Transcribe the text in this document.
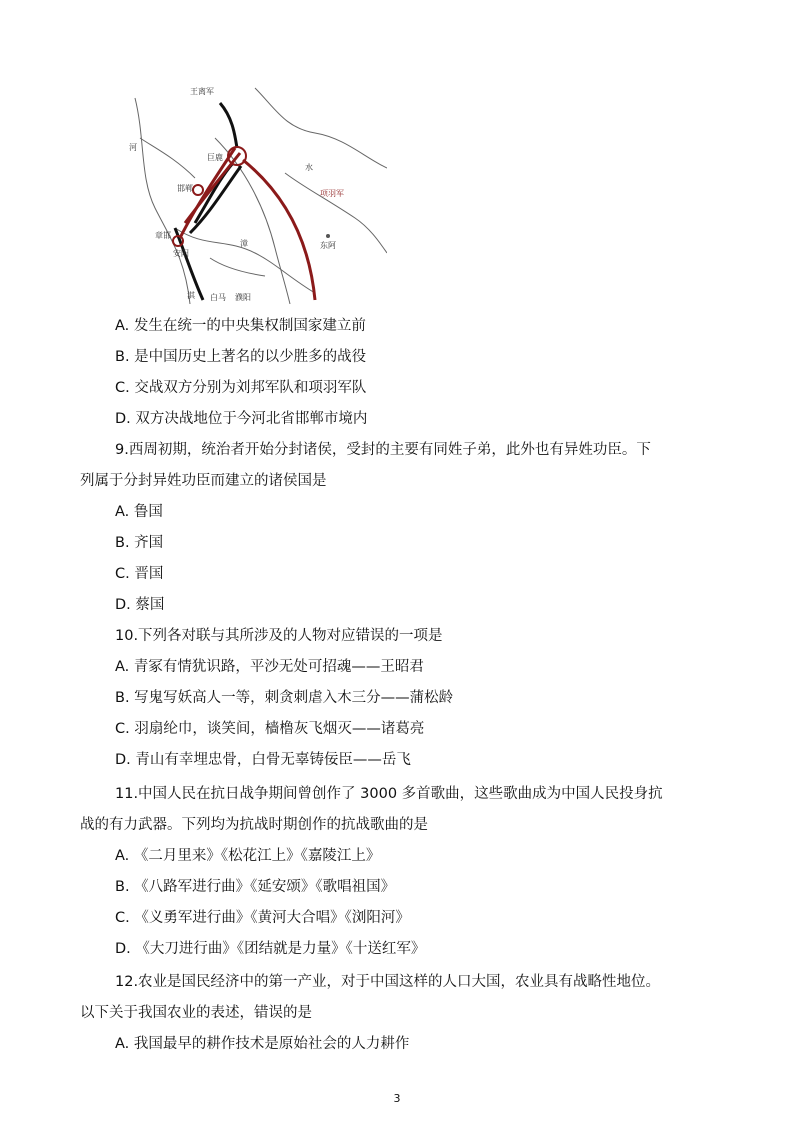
王离军
巨鹿
项羽军
邯郸
安阳
东阿
白马 濮阳
章邯
水
河
漳
淇
A. 发生在统一的中央集权制国家建立前
B. 是中国历史上著名的以少胜多的战役
C. 交战双方分别为刘邦军队和项羽军队
D. 双方决战地位于今河北省邯郸市境内
9.西周初期，统治者开始分封诸侯，受封的主要有同姓子弟，此外也有异姓功臣。下
列属于分封异姓功臣而建立的诸侯国是
A. 鲁国
B. 齐国
C. 晋国
D. 蔡国
10.下列各对联与其所涉及的人物对应错误的一项是
A. 青冢有情犹识路，平沙无处可招魂——王昭君
B. 写鬼写妖高人一等，刺贪刺虐入木三分——蒲松龄
C. 羽扇纶巾，谈笑间，樯橹灰飞烟灭——诸葛亮
D. 青山有幸埋忠骨，白骨无辜铸佞臣——岳飞
11.中国人民在抗日战争期间曾创作了 3000 多首歌曲，这些歌曲成为中国人民投身抗
战的有力武器。下列均为抗战时期创作的抗战歌曲的是
A. 《二月里来》《松花江上》《嘉陵江上》
B. 《八路军进行曲》《延安颂》《歌唱祖国》
C. 《义勇军进行曲》《黄河大合唱》《浏阳河》
D. 《大刀进行曲》《团结就是力量》《十送红军》
12.农业是国民经济中的第一产业，对于中国这样的人口大国，农业具有战略性地位。
以下关于我国农业的表述，错误的是
A. 我国最早的耕作技术是原始社会的人力耕作
3
